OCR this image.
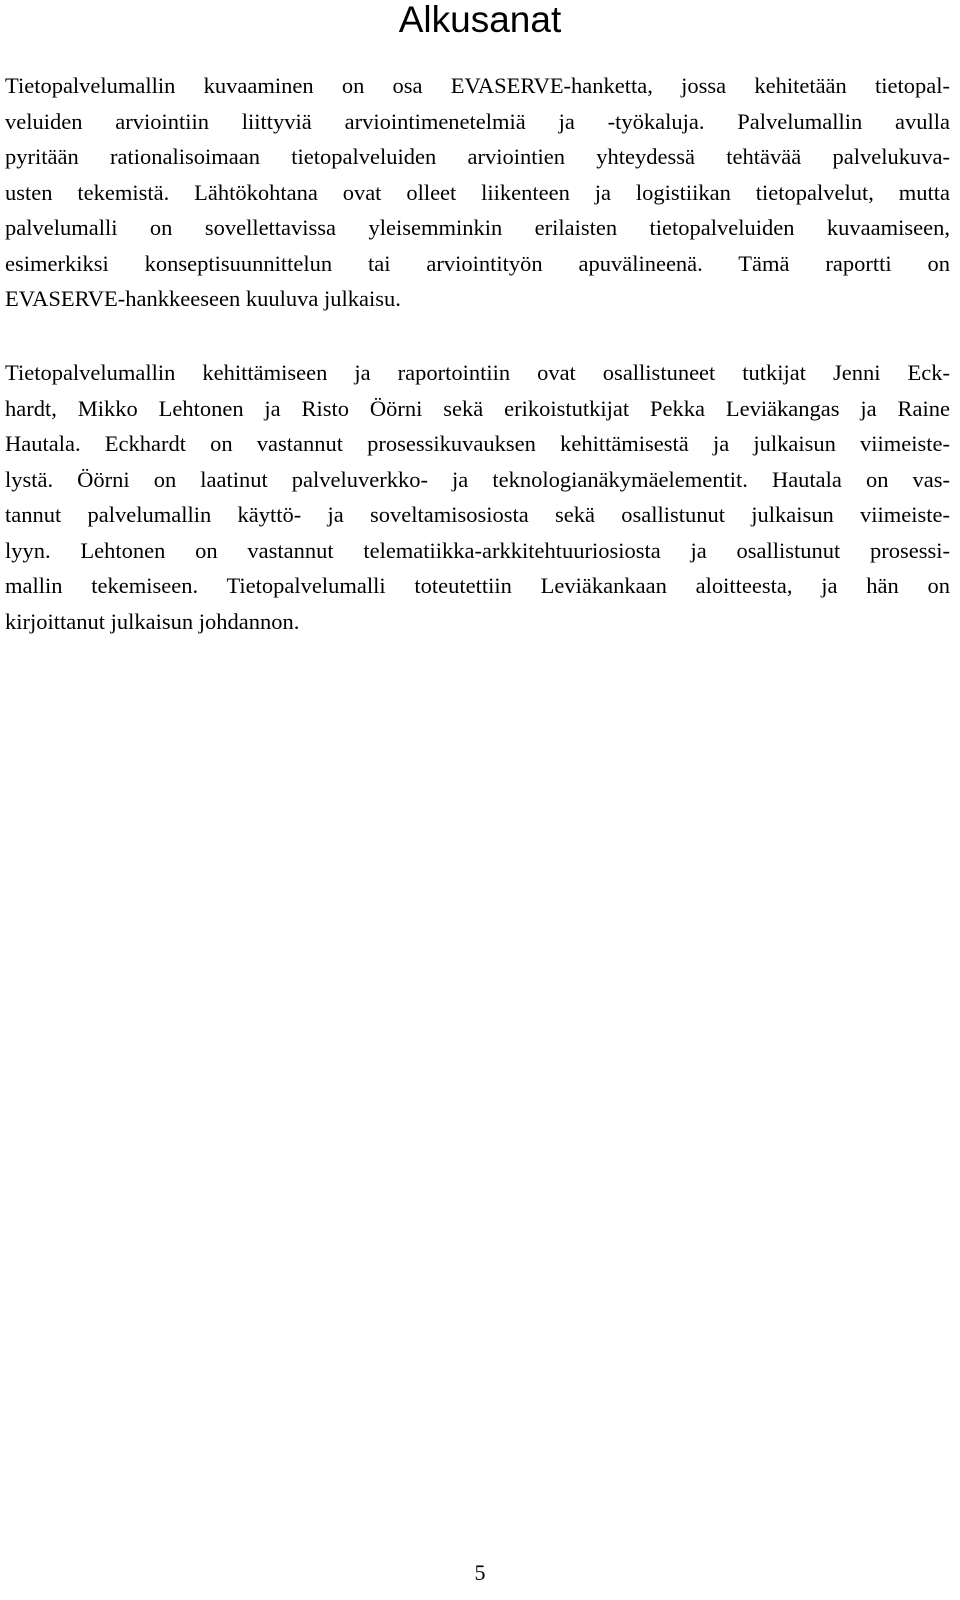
Alkusanat

Tietopalvelumallin kuvaaminen on osa EVASERVE-hanketta, jossa kehitetään tietopal-
veluiden arviointiin liittyviä arviointimenetelmiä ja -työkaluja. Palvelumallin avulla
pyritään rationalisoimaan tietopalveluiden arviointien yhteydessä tehtävää palvelukuva-
usten tekemistä. Lähtökohtana ovat olleet liikenteen ja logistiikan tietopalvelut, mutta
palvelumalli on sovellettavissa yleisemminkin erilaisten tietopalveluiden kuvaamiseen,
esimerkiksi konseptisuunnittelun tai arviointityön apuvälineenä. Tämä raportti on
EVASERVE-hankkeeseen kuuluva julkaisu.

Tietopalvelumallin kehittämiseen ja raportointiin ovat osallistuneet tutkijat Jenni Eck-
hardt, Mikko Lehtonen ja Risto Öörni sekä erikoistutkijat Pekka Leviäkangas ja Raine
Hautala. Eckhardt on vastannut prosessikuvauksen kehittämisestä ja julkaisun viimeiste-
lystä. Öörni on laatinut palveluverkko- ja teknologianäkymäelementit. Hautala on vas-
tannut palvelumallin käyttö- ja soveltamisosiosta sekä osallistunut julkaisun viimeiste-
lyyn. Lehtonen on vastannut telematiikka-arkkitehtuuriosiosta ja osallistunut prosessi-
mallin tekemiseen. Tietopalvelumalli toteutettiin Leviäkankaan aloitteesta, ja hän on
kirjoittanut julkaisun johdannon.

5
